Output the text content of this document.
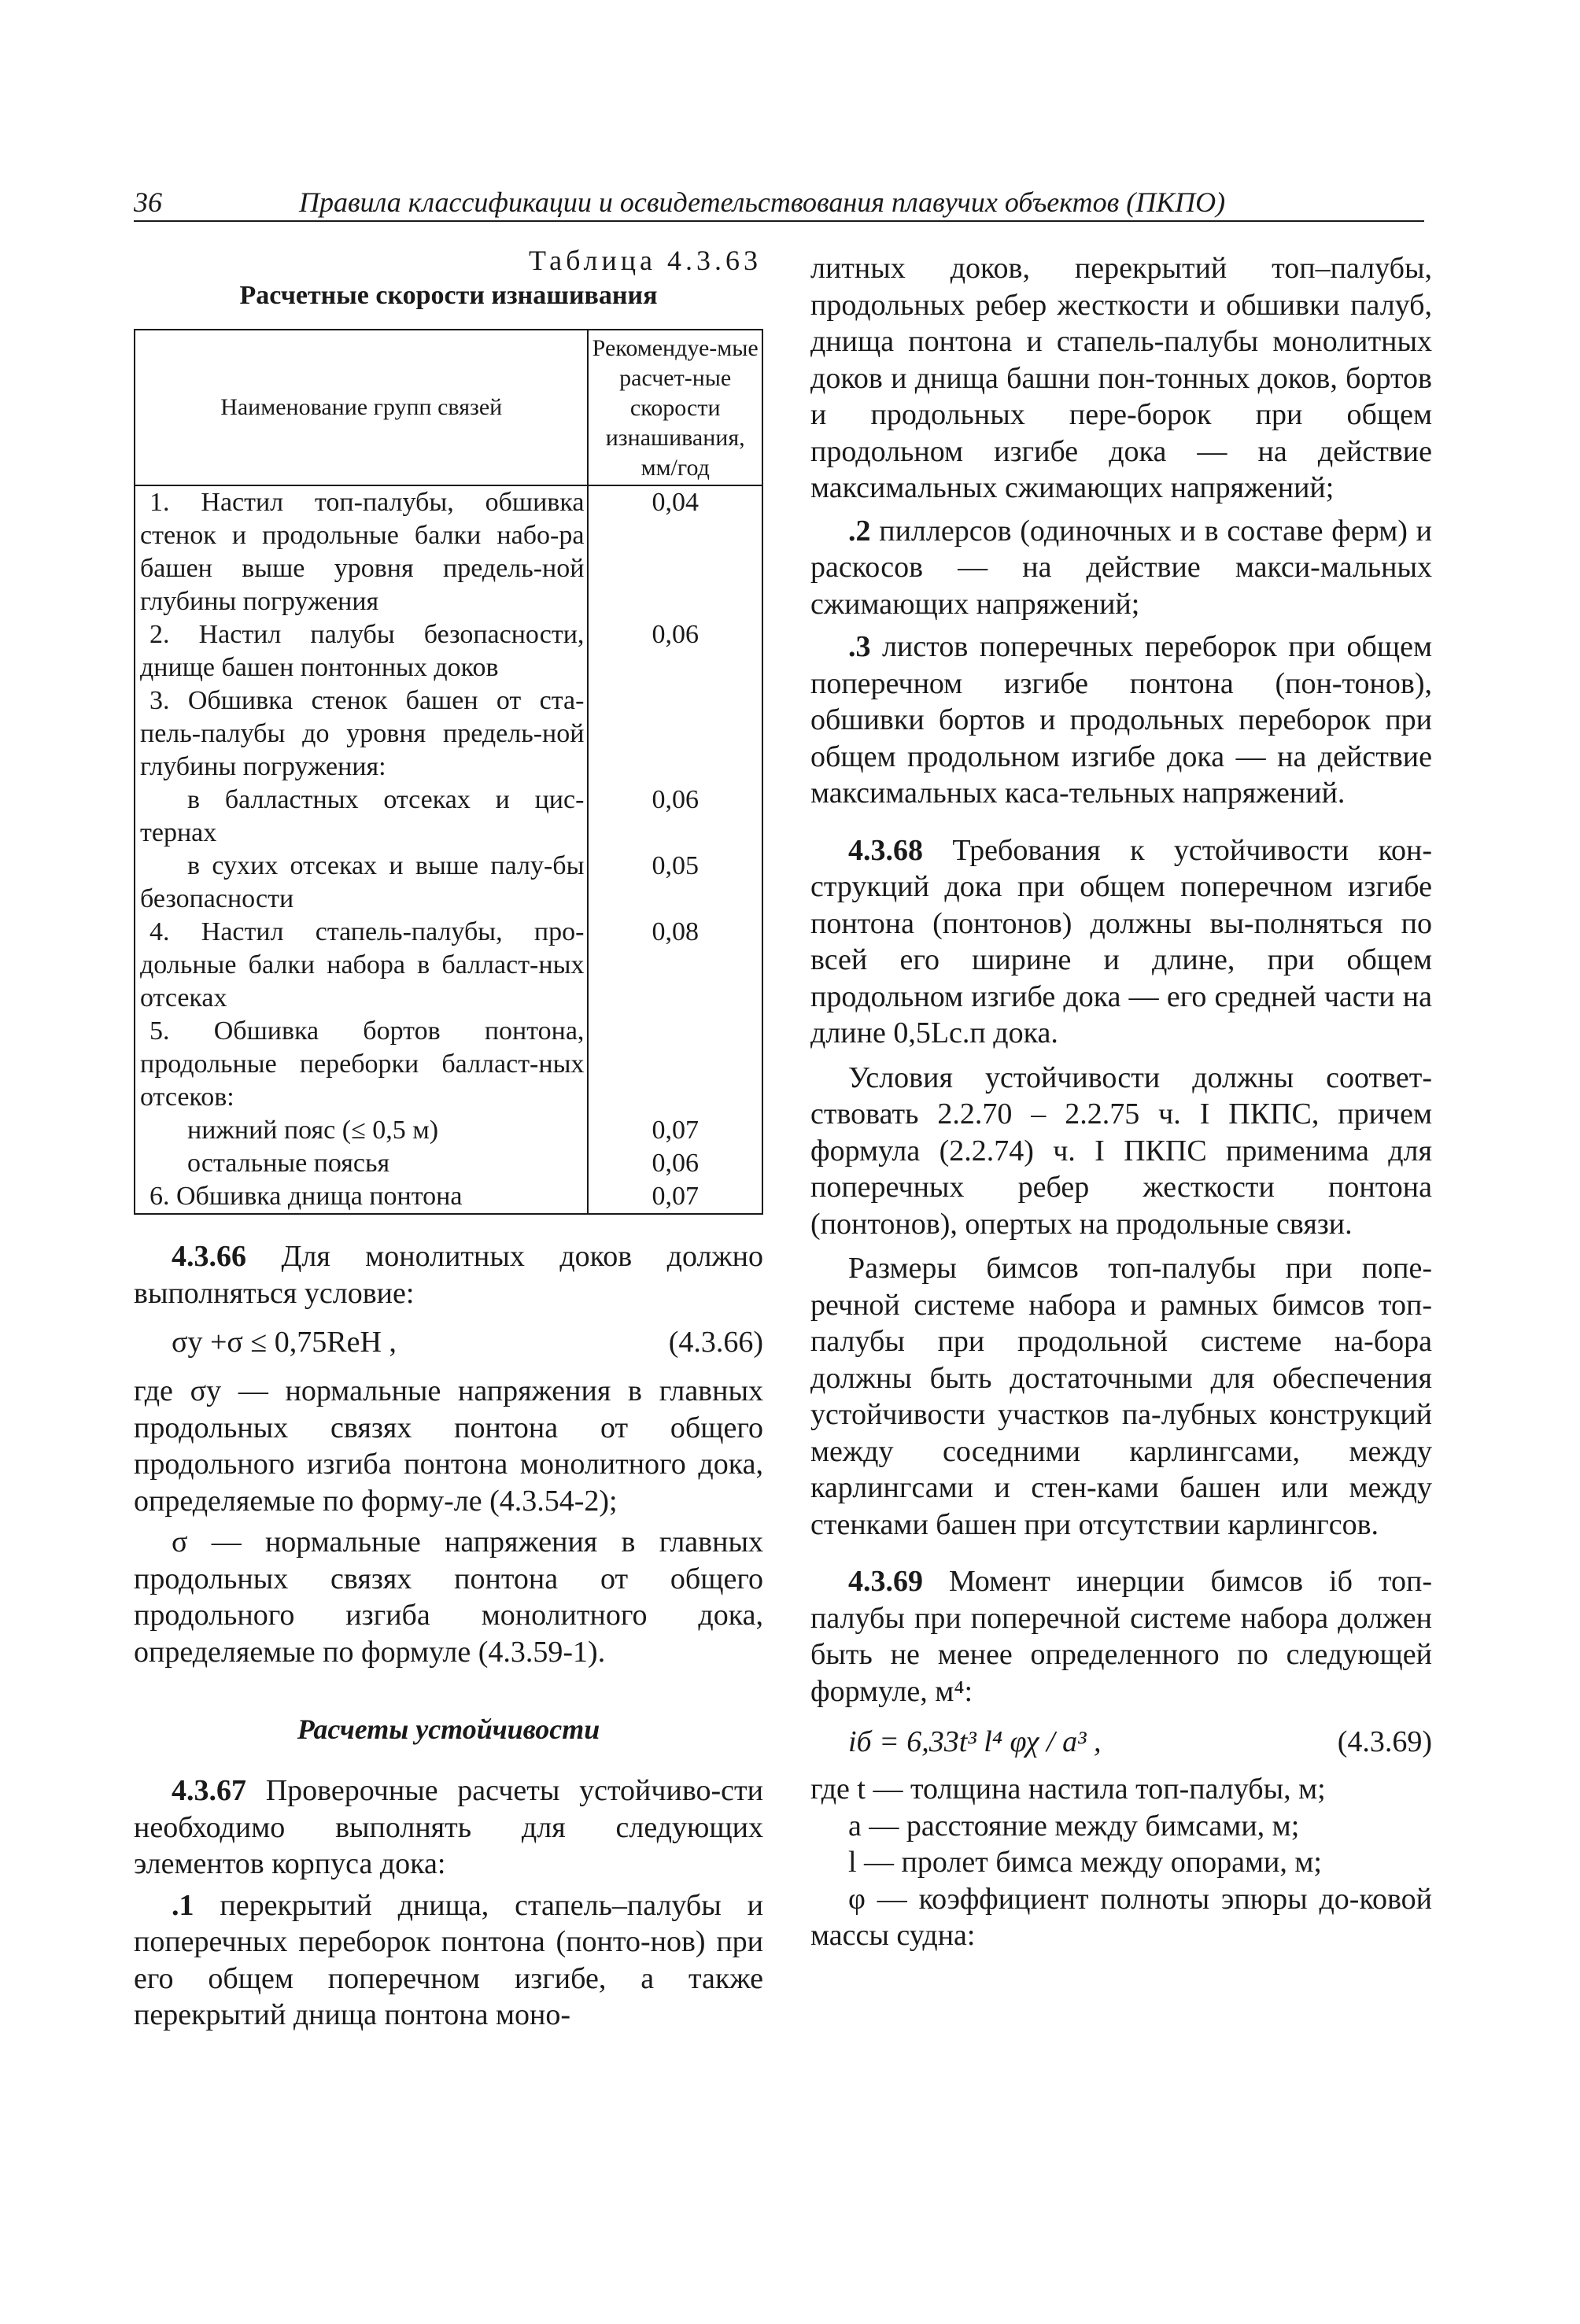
36	Правила классификации и освидетельствования плавучих объектов (ПКПО)
Таблица 4.3.63
Расчетные скорости изнашивания
Наименование групп связей	Рекомендуе-мые расчет-ные скорости изнашивания, мм/год
1. Настил топ-палубы, обшивка стенок и продольные балки набо-ра башен выше уровня предель-ной глубины погружения	0,04
2. Настил палубы безопасности, днище башен понтонных доков	0,06
3. Обшивка стенок башен от ста-пель-палубы до уровня предель-ной глубины погружения:	
в балластных отсеках и цис-тернах	0,06
в сухих отсеках и выше палу-бы безопасности	0,05
4. Настил стапель-палубы, про-дольные балки набора в балласт-ных отсеках	0,08
5. Обшивка бортов понтона, продольные переборки балласт-ных отсеков:	
нижний пояс (≤ 0,5 м)	0,07
остальные поясья	0,06
6. Обшивка днища понтона	0,07

4.3.66 Для монолитных доков должно выполняться условие:

σу +σ ≤ 0,75RеН ,	(4.3.66)

где σу — нормальные напряжения в главных продольных связях понтона от общего продольного изгиба понтона монолитного дока, определяемые по форму-ле (4.3.54-2);

σ — нормальные напряжения в главных продольных связях понтона от общего продольного изгиба монолитного дока, определяемые по формуле (4.3.59-1).

Расчеты устойчивости

4.3.67 Проверочные расчеты устойчиво-сти необходимо выполнять для следующих элементов корпуса дока:

.1 перекрытий днища, стапель–палубы и поперечных переборок понтона (понто-нов) при его общем поперечном изгибе, а также перекрытий днища понтона моно-

литных доков, перекрытий топ–палубы, продольных ребер жесткости и обшивки палуб, днища понтона и стапель-палубы монолитных доков и днища башни пон-тонных доков, бортов и продольных пере-борок при общем продольном изгибе дока — на действие максимальных сжимающих напряжений;

.2 пиллерсов (одиночных и в составе ферм) и раскосов — на действие макси-мальных сжимающих напряжений;

.3 листов поперечных переборок при общем поперечном изгибе понтона (пон-тонов), обшивки бортов и продольных переборок при общем продольном изгибе дока — на действие максимальных каса-тельных напряжений.

4.3.68 Требования к устойчивости кон-струкций дока при общем поперечном изгибе понтона (понтонов) должны вы-полняться по всей его ширине и длине, при общем продольном изгибе дока — его средней части на длине 0,5Lс.п дока.

Условия устойчивости должны соответ-ствовать 2.2.70 – 2.2.75 ч. I ПКПС, причем формула (2.2.74) ч. I ПКПС применима для поперечных ребер жесткости понтона (понтонов), опертых на продольные связи.

Размеры бимсов топ-палубы при попе-речной системе набора и рамных бимсов топ-палубы при продольной системе на-бора должны быть достаточными для обеспечения устойчивости участков па-лубных конструкций между соседними карлингсами, между карлингсами и стен-ками башен или между стенками башен при отсутствии карлингсов.

4.3.69 Момент инерции бимсов iб топ-палубы при поперечной системе набора должен быть не менее определенного по следующей формуле, м⁴:

iб = 6,33t³ l⁴ φχ / a³ ,	(4.3.69)

где t — толщина настила топ-палубы, м;

a — расстояние между бимсами, м;

l — пролет бимса между опорами, м;

φ — коэффициент полноты эпюры до-ковой массы судна:
